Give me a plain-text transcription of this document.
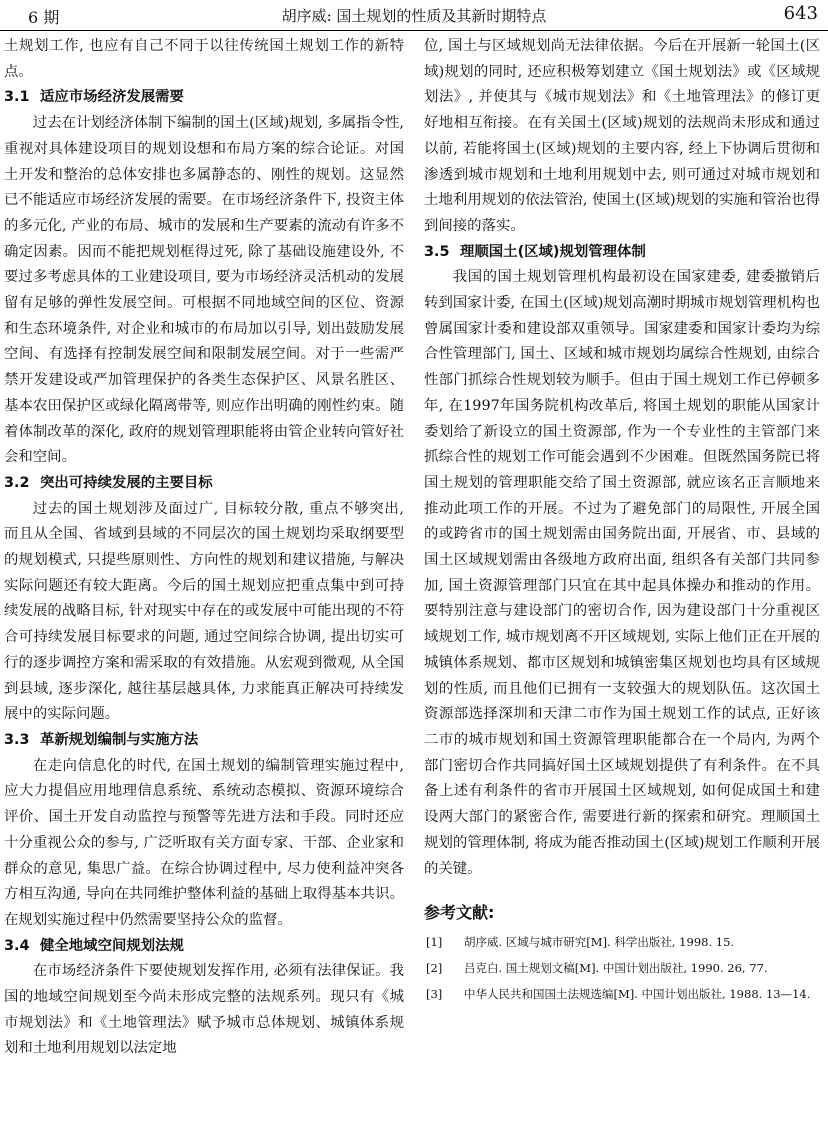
6 期	胡序威: 国土规划的性质及其新时期特点	643

土规划工作, 也应有自己不同于以往传统国土规划工作的新特点。

3.1 适应市场经济发展需要

过去在计划经济体制下编制的国土(区域)规划, 多属指令性, 重视对具体建设项目的规划设想和布局方案的综合论证。对国土开发和整治的总体安排也多属静态的、刚性的规划。这显然已不能适应市场经济发展的需要。在市场经济条件下, 投资主体的多元化, 产业的布局、城市的发展和生产要素的流动有许多不确定因素。因而不能把规划框得过死, 除了基础设施建设外, 不要过多考虑具体的工业建设项目, 要为市场经济灵活机动的发展留有足够的弹性发展空间。可根据不同地域空间的区位、资源和生态环境条件, 对企业和城市的布局加以引导, 划出鼓励发展空间、有选择有控制发展空间和限制发展空间。对于一些需严禁开发建设或严加管理保护的各类生态保护区、风景名胜区、基本农田保护区或绿化隔离带等, 则应作出明确的刚性约束。随着体制改革的深化, 政府的规划管理职能将由管企业转向管好社会和空间。

3.2 突出可持续发展的主要目标

过去的国土规划涉及面过广, 目标较分散, 重点不够突出, 而且从全国、省域到县域的不同层次的国土规划均采取纲要型的规划模式, 只提些原则性、方向性的规划和建议措施, 与解决实际问题还有较大距离。今后的国土规划应把重点集中到可持续发展的战略目标, 针对现实中存在的或发展中可能出现的不符合可持续发展目标要求的问题, 通过空间综合协调, 提出切实可行的逐步调控方案和需采取的有效措施。从宏观到微观, 从全国到县域, 逐步深化, 越往基层越具体, 力求能真正解决可持续发展中的实际问题。

3.3 革新规划编制与实施方法

在走向信息化的时代, 在国土规划的编制管理实施过程中, 应大力提倡应用地理信息系统、系统动态模拟、资源环境综合评价、国土开发自动监控与预警等先进方法和手段。同时还应十分重视公众的参与, 广泛听取有关方面专家、干部、企业家和群众的意见, 集思广益。在综合协调过程中, 尽力使利益冲突各方相互沟通, 导向在共同维护整体利益的基础上取得基本共识。在规划实施过程中仍然需要坚持公众的监督。

3.4 健全地域空间规划法规

在市场经济条件下要使规划发挥作用, 必须有法律保证。我国的地域空间规划至今尚未形成完整的法规系列。现只有《城市规划法》和《土地管理法》赋予城市总体规划、城镇体系规划和土地利用规划以法定地

位, 国土与区域规划尚无法律依据。今后在开展新一轮国土(区域)规划的同时, 还应积极筹划建立《国土规划法》或《区域规划法》, 并使其与《城市规划法》和《土地管理法》的修订更好地相互衔接。在有关国土(区域)规划的法规尚未形成和通过以前, 若能将国土(区域)规划的主要内容, 经上下协调后贯彻和渗透到城市规划和土地利用规划中去, 则可通过对城市规划和土地利用规划的依法管治, 使国土(区域)规划的实施和管治也得到间接的落实。

3.5 理顺国土(区域)规划管理体制

我国的国土规划管理机构最初设在国家建委, 建委撤销后转到国家计委, 在国土(区域)规划高潮时期城市规划管理机构也曾属国家计委和建设部双重领导。国家建委和国家计委均为综合性管理部门, 国土、区域和城市规划均属综合性规划, 由综合性部门抓综合性规划较为顺手。但由于国土规划工作已停顿多年, 在1997年国务院机构改革后, 将国土规划的职能从国家计委划给了新设立的国土资源部, 作为一个专业性的主管部门来抓综合性的规划工作可能会遇到不少困难。但既然国务院已将国土规划的管理职能交给了国土资源部, 就应该名正言顺地来推动此项工作的开展。不过为了避免部门的局限性, 开展全国的或跨省市的国土规划需由国务院出面, 开展省、市、县域的国土区域规划需由各级地方政府出面, 组织各有关部门共同参加, 国土资源管理部门只宜在其中起具体操办和推动的作用。要特别注意与建设部门的密切合作, 因为建设部门十分重视区域规划工作, 城市规划离不开区域规划, 实际上他们正在开展的城镇体系规划、都市区规划和城镇密集区规划也均具有区域规划的性质, 而且他们已拥有一支较强大的规划队伍。这次国土资源部选择深圳和天津二市作为国土规划工作的试点, 正好该二市的城市规划和国土资源管理职能都合在一个局内, 为两个部门密切合作共同搞好国土区域规划提供了有利条件。在不具备上述有利条件的省市开展国土区域规划, 如何促成国土和建设两大部门的紧密合作, 需要进行新的探索和研究。理顺国土规划的管理体制, 将成为能否推动国土(区域)规划工作顺利开展的关键。

参考文献:
[1] 胡序威. 区域与城市研究[M]. 科学出版社, 1998. 15.
[2] 吕克白. 国土规划文稿[M]. 中国计划出版社, 1990. 26, 77.
[3] 中华人民共和国国土法规选编[M]. 中国计划出版社, 1988. 13—14.
